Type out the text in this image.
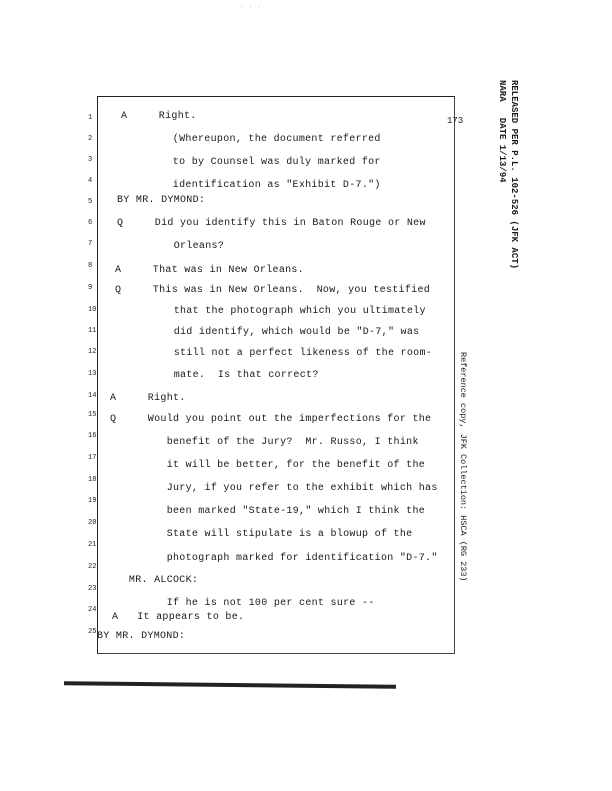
· · ·
173	RELEASED PER P.L. 102-526 (JFK ACT)
NARA   DATE 1/13/94
Reference copy, JFK Collection: HSCA (RG 233)
1	A     Right.
2	(Whereupon, the document referred
3	to by Counsel was duly marked for
4	identification as "Exhibit D-7.")
5 BY MR. DYMOND:
6 Q     Did you identify this in Baton Rouge or New
7 Orleans?
8 A     That was in New Orleans.
9 Q     This was in New Orleans.  Now, you testified
10 that the photograph which you ultimately
11 did identify, which would be "D-7," was
12 still not a perfect likeness of the room-
13 mate.  Is that correct?
14 A     Right.
15 Q     Would you point out the imperfections for the
16
benefit of the Jury?  Mr. Russo, I think
17
it will be better, for the benefit of the
18
Jury, if you refer to the exhibit which has
19
been marked "State-19," which I think the
20
State will stipulate is a blowup of the
21
photograph marked for identification "D-7."
22
MR. ALCOCK:
23
If he is not 100 per cent sure --
24
A   It appears to be.
25 BY MR. DYMOND:
